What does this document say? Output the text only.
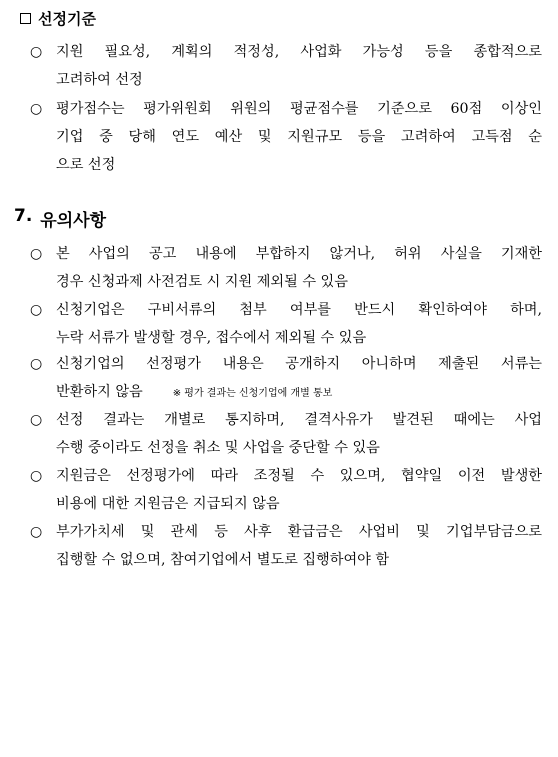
선정기준
○ 지원 필요성, 계획의 적정성, 사업화 가능성 등을 종합적으로
고려하여 선정
○ 평가점수는 평가위원회 위원의 평균점수를 기준으로 60점 이상인
기업 중 당해 연도 예산 및 지원규모 등을 고려하여 고득점 순
으로 선정
7. 유의사항
○ 본 사업의 공고 내용에 부합하지 않거나, 허위 사실을 기재한
경우 신청과제 사전검토 시 지원 제외될 수 있음
○ 신청기업은 구비서류의 첨부 여부를 반드시 확인하여야 하며,
누락 서류가 발생할 경우, 접수에서 제외될 수 있음
○ 신청기업의 선정평가 내용은 공개하지 아니하며 제출된 서류는
반환하지 않음	※ 평가 결과는 신청기업에 개별 통보
○ 선정 결과는 개별로 통지하며, 결격사유가 발견된 때에는 사업
수행 중이라도 선정을 취소 및 사업을 중단할 수 있음
○ 지원금은 선정평가에 따라 조정될 수 있으며, 협약일 이전 발생한
비용에 대한 지원금은 지급되지 않음
○ 부가가치세 및 관세 등 사후 환급금은 사업비 및 기업부담금으로
집행할 수 없으며, 참여기업에서 별도로 집행하여야 함
